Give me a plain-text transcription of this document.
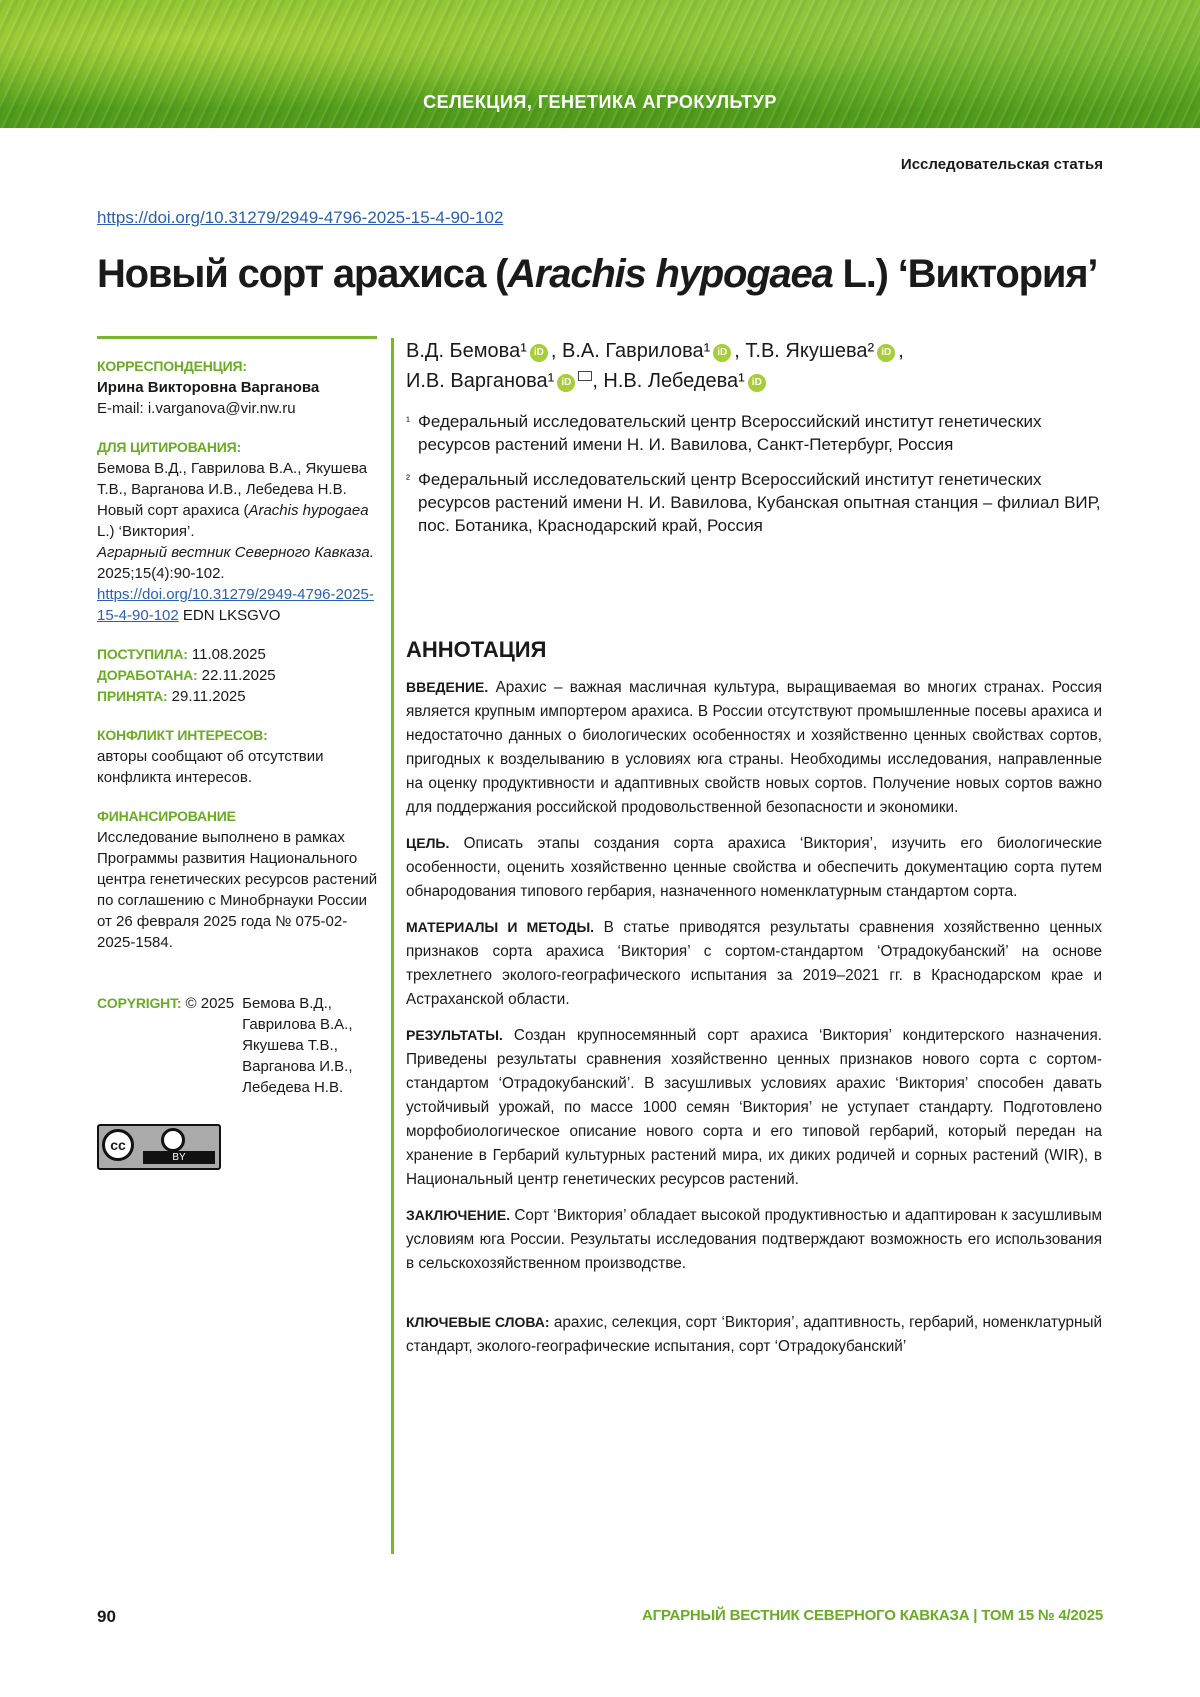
СЕЛЕКЦИЯ, ГЕНЕТИКА АГРОКУЛЬТУР
Исследовательская статья
https://doi.org/10.31279/2949-4796-2025-15-4-90-102
Новый сорт арахиса (Arachis hypogaea L.) ‘Виктория’

КОРРЕСПОНДЕНЦИЯ:

Ирина Викторовна Варганова

E-mail: i.varganova@vir.nw.ru

ДЛЯ ЦИТИРОВАНИЯ:

Бемова В.Д., Гаврилова В.А., Якушева Т.В., Варганова И.В., Лебедева Н.В.

Новый сорт арахиса (Arachis hypogaea L.) ‘Виктория’.

Аграрный вестник Северного Кавказа.

2025;15(4):90-102.

https://doi.org/10.31279/2949-4796-2025-15-4-90-102 EDN LKSGVO

ПОСТУПИЛА: 11.08.2025

ДОРАБОТАНА: 22.11.2025

ПРИНЯТА: 29.11.2025

КОНФЛИКТ ИНТЕРЕСОВ:

авторы сообщают об отсутствии конфликта интересов.

ФИНАНСИРОВАНИЕ

Исследование выполнено в рамках Программы развития Национального центра генетических ресурсов растений по соглашению с Минобрнауки России от 26 февраля 2025 года № 075-02-2025-1584.

COPYRIGHT: © 2025 Бемова В.Д.,

Гаврилова В.А.,

Якушева Т.В.,

Варганова И.В.,

Лебедева Н.В.

cc
BY
В.Д. Бемова¹ iD , В.А. Гаврилова¹ iD , Т.В. Якушева² iD ,
И.В. Варганова¹ iD , Н.В. Лебедева¹ iD
¹ Федеральный исследовательский центр Всероссийский институт генетических ресурсов растений имени Н. И. Вавилова, Санкт-Петербург, Россия
² Федеральный исследовательский центр Всероссийский институт генетических ресурсов растений имени Н. И. Вавилова, Кубанская опытная станция – филиал ВИР, пос. Ботаника, Краснодарский край, Россия
АННОТАЦИЯ

ВВЕДЕНИЕ. Арахис – важная масличная культура, выращиваемая во многих странах. Россия является крупным импортером арахиса. В России отсутствуют промышленные посевы арахиса и недостаточно данных о биологических особенностях и хозяйственно ценных свойствах сортов, пригодных к возделыванию в условиях юга страны. Необходимы исследования, направленные на оценку продуктивности и адаптивных свойств новых сортов. Получение новых сортов важно для поддержания российской продовольственной безопасности и экономики.

ЦЕЛЬ. Описать этапы создания сорта арахиса ‘Виктория’, изучить его биологические особенности, оценить хозяйственно ценные свойства и обеспечить документацию сорта путем обнародования типового гербария, назначенного номенклатурным стандартом сорта.

МАТЕРИАЛЫ И МЕТОДЫ. В статье приводятся результаты сравнения хозяйственно ценных признаков сорта арахиса ‘Виктория’ с сортом-стандартом ‘Отрадокубанский’ на основе трехлетнего эколого-географического испытания за 2019–2021 гг. в Краснодарском крае и Астраханской области.

РЕЗУЛЬТАТЫ. Создан крупносемянный сорт арахиса ‘Виктория’ кондитерского назначения. Приведены результаты сравнения хозяйственно ценных признаков нового сорта с сортом-стандартом ‘Отрадокубанский’. В засушливых условиях арахис ‘Виктория’ способен давать устойчивый урожай, по массе 1000 семян ‘Виктория’ не уступает стандарту. Подготовлено морфобиологическое описание нового сорта и его типовой гербарий, который передан на хранение в Гербарий культурных растений мира, их диких родичей и сорных растений (WIR), в Национальный центр генетических ресурсов растений.

ЗАКЛЮЧЕНИЕ. Сорт ‘Виктория’ обладает высокой продуктивностью и адаптирован к засушливым условиям юга России. Результаты исследования подтверждают возможность его использования в сельскохозяйственном производстве.

КЛЮЧЕВЫЕ СЛОВА: арахис, селекция, сорт ‘Виктория’, адаптивность, гербарий, номенклатурный стандарт, эколого-географические испытания, сорт ‘Отрадокубанский’

90	АГРАРНЫЙ ВЕСТНИК СЕВЕРНОГО КАВКАЗА | ТОМ 15 № 4/2025
